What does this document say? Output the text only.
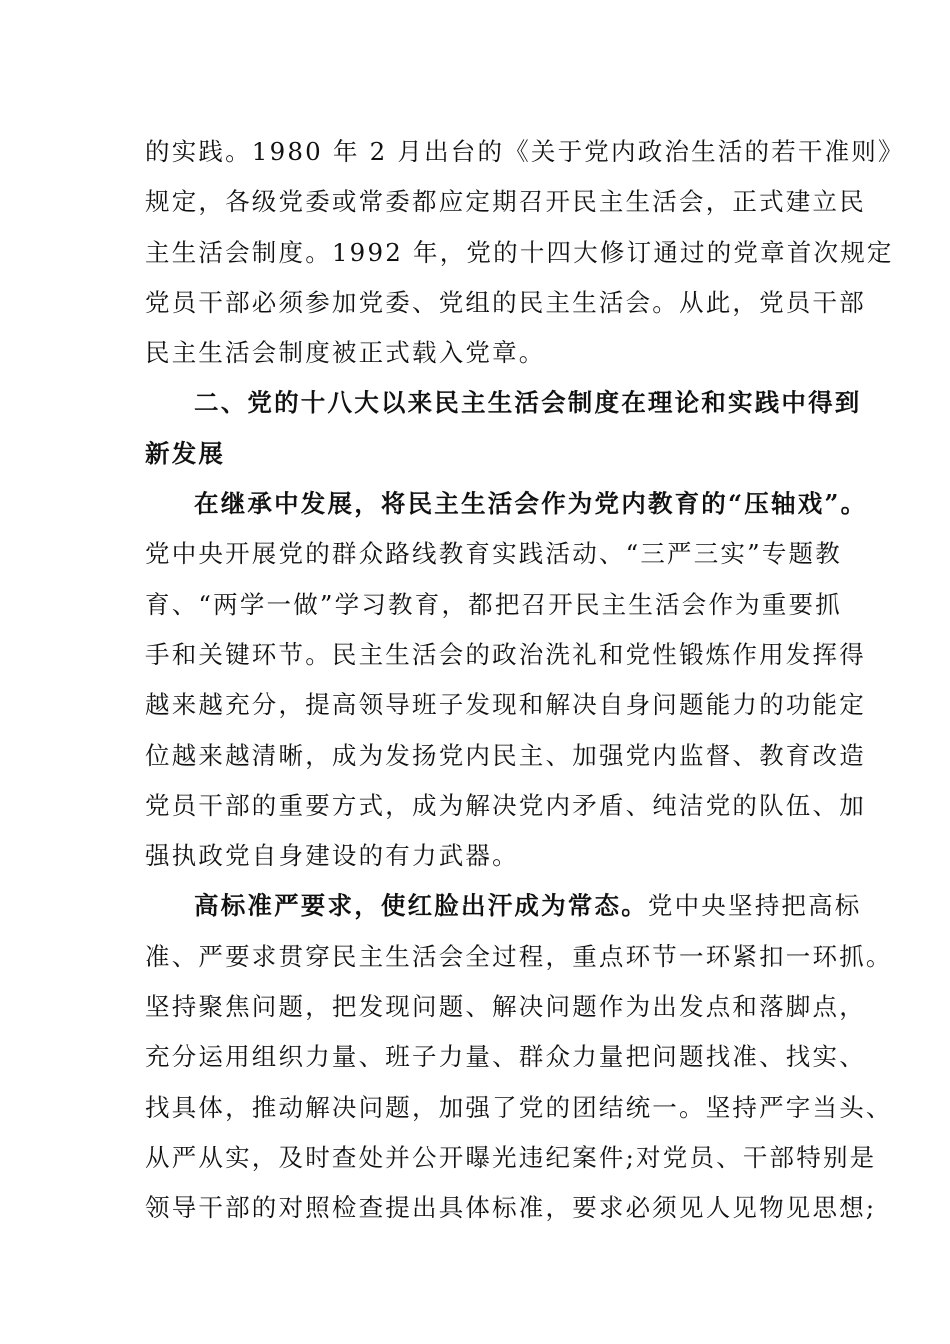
的实践。1980 年 2 月出台的《关于党内政治生活的若干准则》
规定，各级党委或常委都应定期召开民主生活会，正式建立民
主生活会制度。1992 年，党的十四大修订通过的党章首次规定
党员干部必须参加党委、党组的民主生活会。从此，党员干部
民主生活会制度被正式载入党章。
二、党的十八大以来民主生活会制度在理论和实践中得到
新发展
在继承中发展，将民主生活会作为党内教育的“压轴戏”。
党中央开展党的群众路线教育实践活动、“三严三实”专题教
育、“两学一做”学习教育，都把召开民主生活会作为重要抓
手和关键环节。民主生活会的政治洗礼和党性锻炼作用发挥得
越来越充分，提高领导班子发现和解决自身问题能力的功能定
位越来越清晰，成为发扬党内民主、加强党内监督、教育改造
党员干部的重要方式，成为解决党内矛盾、纯洁党的队伍、加
强执政党自身建设的有力武器。
高标准严要求，使红脸出汗成为常态。党中央坚持把高标
准、严要求贯穿民主生活会全过程，重点环节一环紧扣一环抓。
坚持聚焦问题，把发现问题、解决问题作为出发点和落脚点，
充分运用组织力量、班子力量、群众力量把问题找准、找实、
找具体，推动解决问题，加强了党的团结统一。坚持严字当头、
从严从实，及时查处并公开曝光违纪案件;对党员、干部特别是
领导干部的对照检查提出具体标准，要求必须见人见物见思想;
